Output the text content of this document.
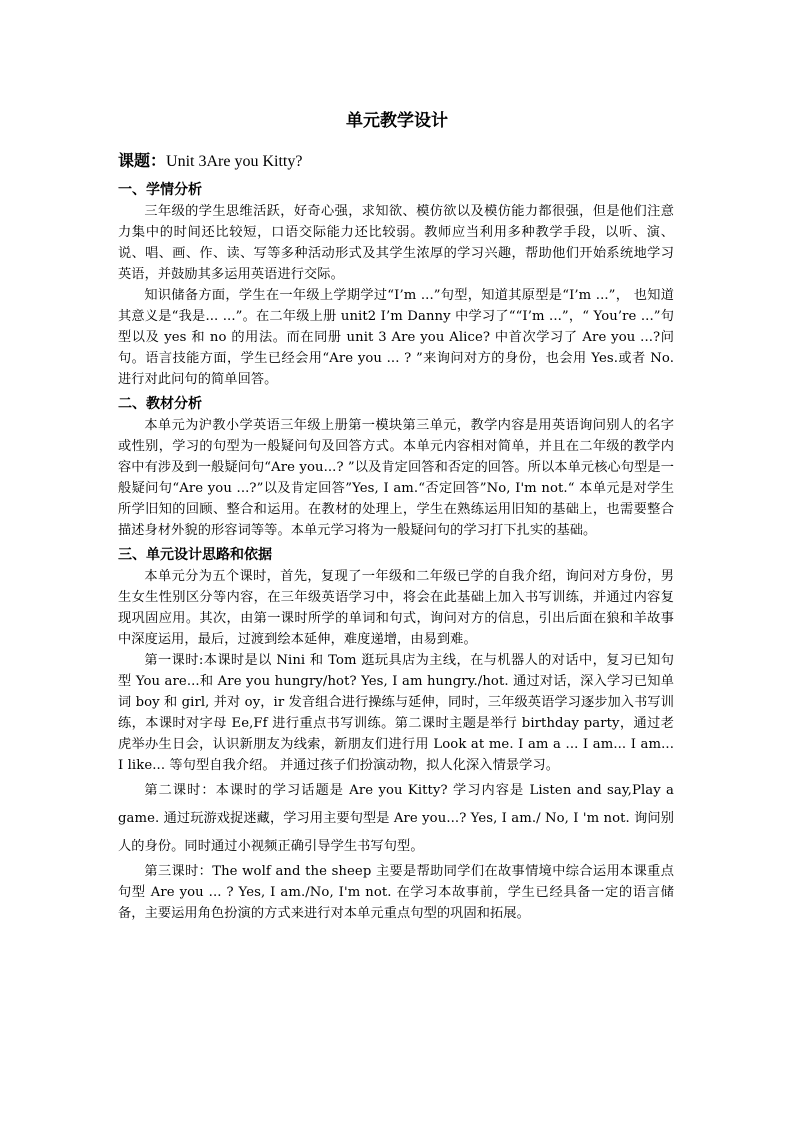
单元教学设计

课题：Unit 3Are you Kitty?

一、学情分析

三年级的学生思维活跃，好奇心强，求知欲、模仿欲以及模仿能力都很强，但是他们注意力集中的时间还比较短，口语交际能力还比较弱。教师应当利用多种教学手段，以听、演、说、唱、画、作、读、写等多种活动形式及其学生浓厚的学习兴趣，帮助他们开始系统地学习英语，并鼓励其多运用英语进行交际。

知识储备方面，学生在一年级上学期学过“I’m ...”句型，知道其原型是“I’m ...”， 也知道其意义是“我是... ...”。在二年级上册 unit2 I’m Danny 中学习了““I’m ...”，“ You’re ...”句型以及 yes 和 no 的用法。而在同册 unit 3 Are you Alice? 中首次学习了 Are you ...?问句。语言技能方面，学生已经会用“Are you ... ? ”来询问对方的身份，也会用 Yes.或者 No.进行对此问句的简单回答。

二、教材分析

本单元为沪教小学英语三年级上册第一模块第三单元，教学内容是用英语询问别人的名字或性别，学习的句型为一般疑问句及回答方式。本单元内容相对简单，并且在二年级的教学内容中有涉及到一般疑问句“Are you...? ”以及肯定回答和否定的回答。所以本单元核心句型是一般疑问句“Are you ...?”以及肯定回答”Yes, I am.“否定回答”No, I'm not.“ 本单元是对学生所学旧知的回顾、整合和运用。在教材的处理上，学生在熟练运用旧知的基础上，也需要整合描述身材外貌的形容词等等。本单元学习将为一般疑问句的学习打下扎实的基础。

三、单元设计思路和依据

本单元分为五个课时，首先，复现了一年级和二年级已学的自我介绍，询问对方身份，男生女生性别区分等内容，在三年级英语学习中，将会在此基础上加入书写训练，并通过内容复现巩固应用。其次，由第一课时所学的单词和句式，询问对方的信息，引出后面在狼和羊故事中深度运用，最后，过渡到绘本延伸，难度递增，由易到难。

第一课时:本课时是以 Nini 和 Tom 逛玩具店为主线，在与机器人的对话中，复习已知句型 You are...和 Are you hungry/hot? Yes, I am hungry./hot. 通过对话，深入学习已知单词 boy 和 girl, 并对 oy，ir 发音组合进行操练与延伸，同时，三年级英语学习逐步加入书写训练，本课时对字母 Ee,Ff 进行重点书写训练。第二课时主题是举行 birthday party，通过老虎举办生日会，认识新朋友为线索，新朋友们进行用 Look at me. I am a ... I am... I am... I like... 等句型自我介绍。 并通过孩子们扮演动物，拟人化深入情景学习。

第二课时：本课时的学习话题是 Are you Kitty? 学习内容是 Listen and say,Play a game. 通过玩游戏捉迷藏，学习用主要句型是 Are you...? Yes, I am./ No, I 'm not. 询问别人的身份。同时通过小视频正确引导学生书写句型。

第三课时：The wolf and the sheep 主要是帮助同学们在故事情境中综合运用本课重点句型 Are you ... ? Yes, I am./No, I'm not. 在学习本故事前，学生已经具备一定的语言储备，主要运用角色扮演的方式来进行对本单元重点句型的巩固和拓展。
